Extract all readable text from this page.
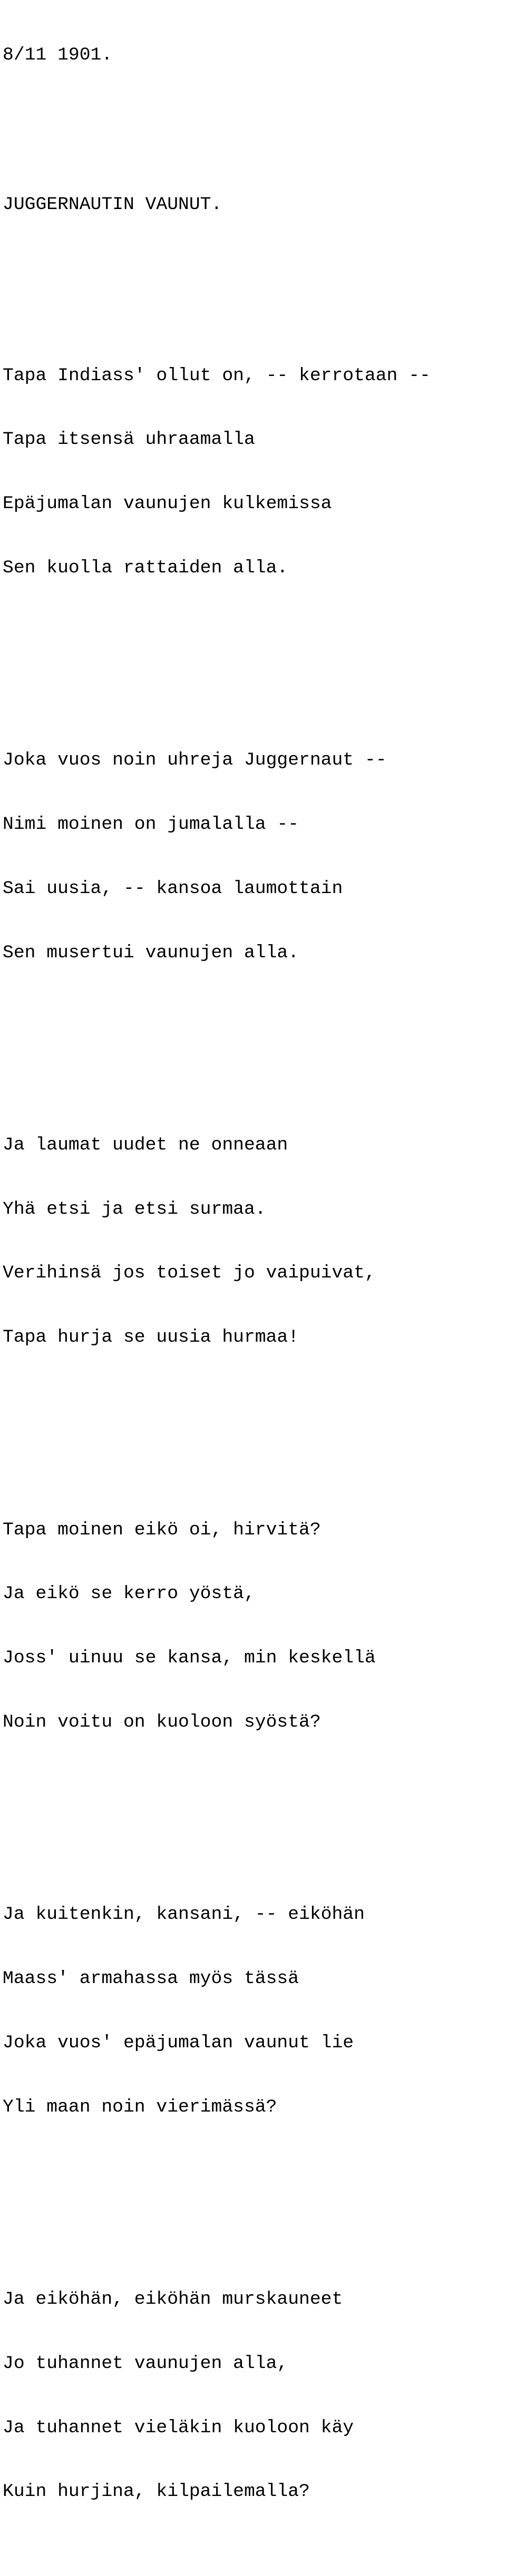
8/11 1901.

JUGGERNAUTIN VAUNUT.

Tapa Indiass' ollut on, -- kerrotaan --

Tapa itsensä uhraamalla

Epäjumalan vaunujen kulkemissa

Sen kuolla rattaiden alla.

Joka vuos noin uhreja Juggernaut --

Nimi moinen on jumalalla --

Sai uusia, -- kansoa laumottain

Sen musertui vaunujen alla.

Ja laumat uudet ne onneaan

Yhä etsi ja etsi surmaa.

Verihinsä jos toiset jo vaipuivat,

Tapa hurja se uusia hurmaa!

Tapa moinen eikö oi, hirvitä?

Ja eikö se kerro yöstä,

Joss' uinuu se kansa, min keskellä

Noin voitu on kuoloon syöstä?

Ja kuitenkin, kansani, -- eiköhän

Maass' armahassa myös tässä

Joka vuos' epäjumalan vaunut lie

Yli maan noin vierimässä?

Ja eiköhän, eiköhän murskauneet

Jo tuhannet vaunujen alla,

Ja tuhannet vieläkin kuoloon käy

Kuin hurjina, kilpailemalla?
